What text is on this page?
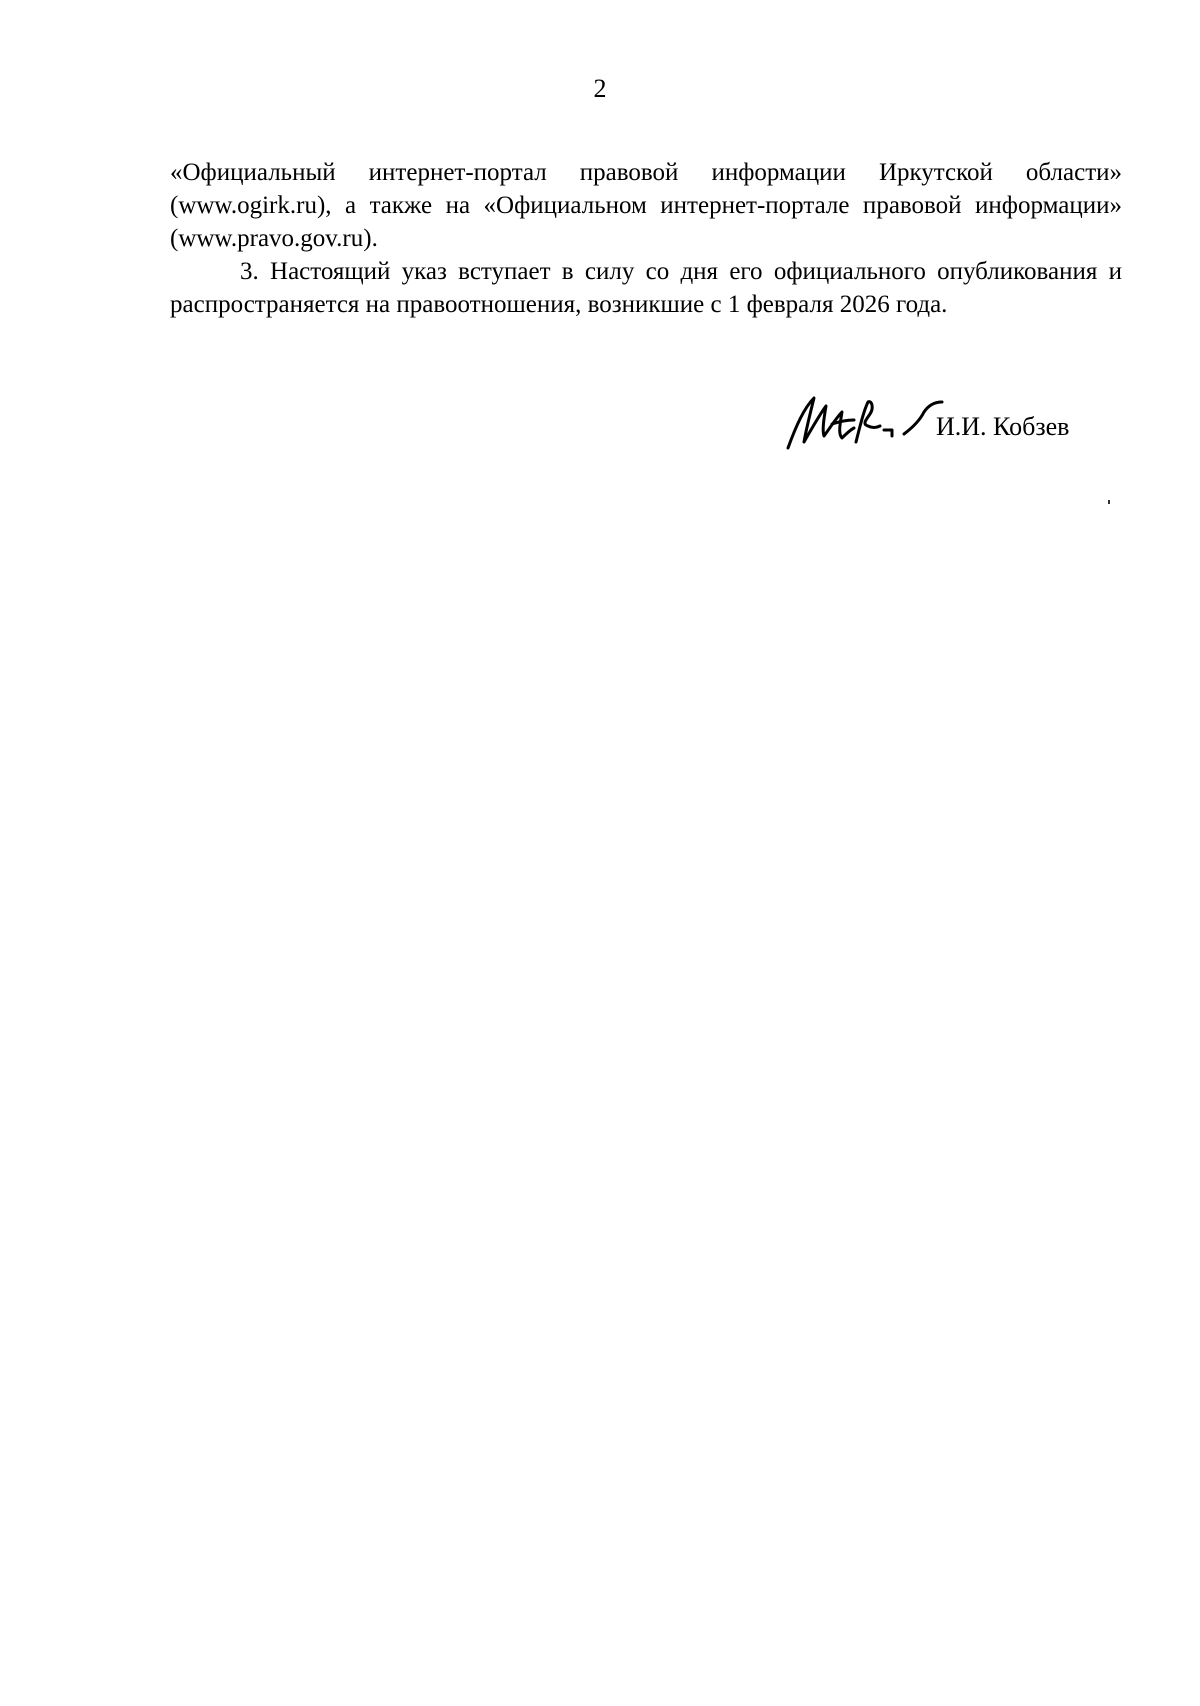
2

«Официальный интернет-портал правовой информации Иркутской области» (www.ogirk.ru), а также на «Официальном интернет-портале правовой информации» (www.pravo.gov.ru).

3. Настоящий указ вступает в силу со дня его официального опубликования и распространяется на правоотношения, возникшие с 1 февраля 2026 года.

И.И. Кобзев
